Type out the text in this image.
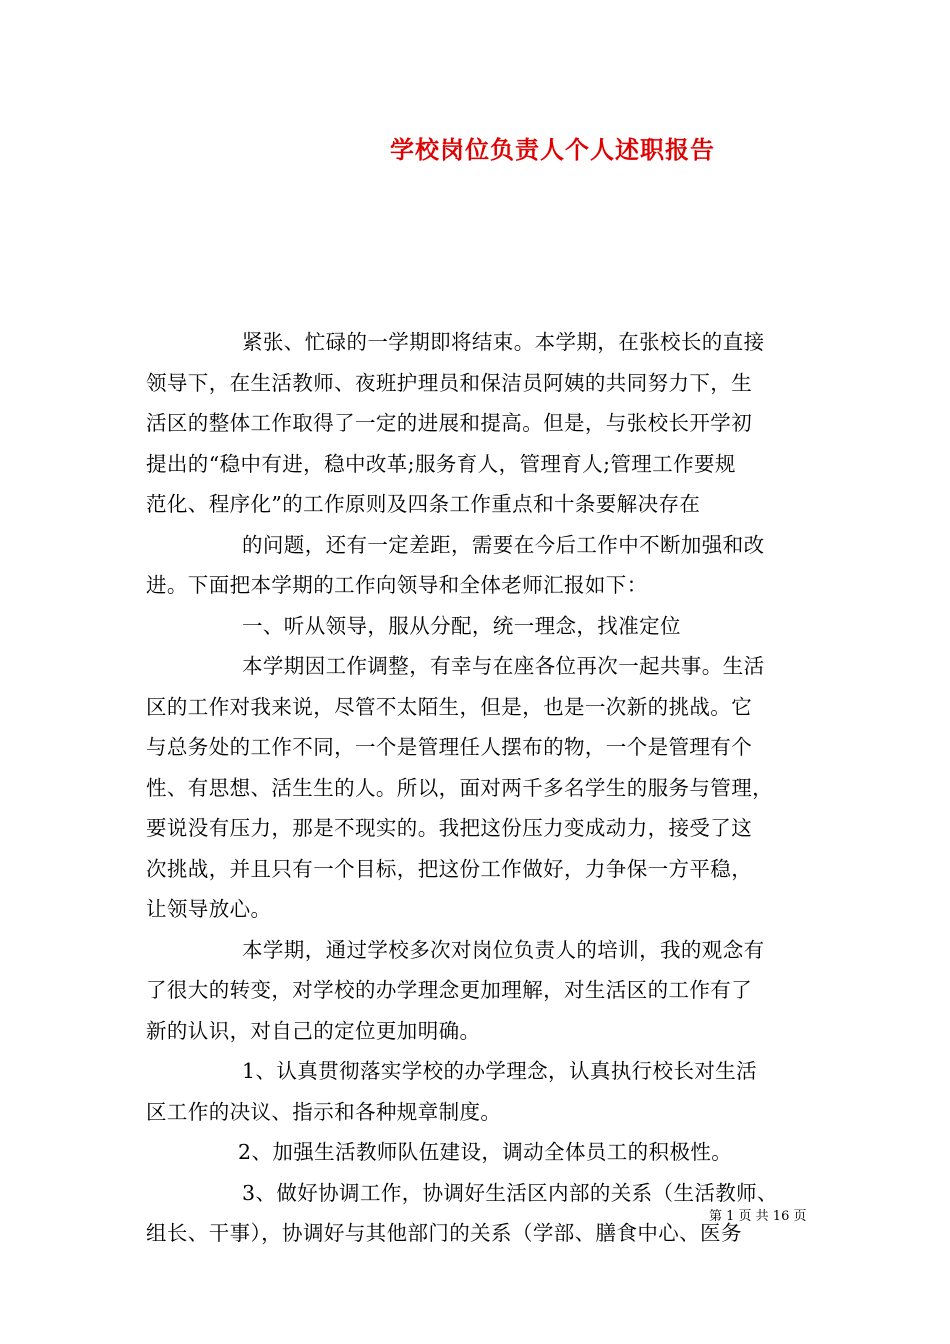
学校岗位负责人个人述职报告
紧张、忙碌的一学期即将结束。本学期，在张校长的直接
领导下，在生活教师、夜班护理员和保洁员阿姨的共同努力下，生
活区的整体工作取得了一定的进展和提高。但是，与张校长开学初
提出的“稳中有进，稳中改革;服务育人，管理育人;管理工作要规
范化、程序化”的工作原则及四条工作重点和十条要解决存在
的问题，还有一定差距，需要在今后工作中不断加强和改
进。下面把本学期的工作向领导和全体老师汇报如下：
一、听从领导，服从分配，统一理念，找准定位
本学期因工作调整，有幸与在座各位再次一起共事。生活
区的工作对我来说，尽管不太陌生，但是，也是一次新的挑战。它
与总务处的工作不同，一个是管理任人摆布的物，一个是管理有个
性、有思想、活生生的人。所以，面对两千多名学生的服务与管理，
要说没有压力，那是不现实的。我把这份压力变成动力，接受了这
次挑战，并且只有一个目标，把这份工作做好，力争保一方平稳，
让领导放心。
本学期，通过学校多次对岗位负责人的培训，我的观念有
了很大的转变，对学校的办学理念更加理解，对生活区的工作有了
新的认识，对自己的定位更加明确。
1、认真贯彻落实学校的办学理念，认真执行校长对生活
区工作的决议、指示和各种规章制度。
2、加强生活教师队伍建设，调动全体员工的积极性。
3、做好协调工作，协调好生活区内部的关系（生活教师、
组长、干事），协调好与其他部门的关系（学部、膳食中心、医务
第 1 页 共 16 页
